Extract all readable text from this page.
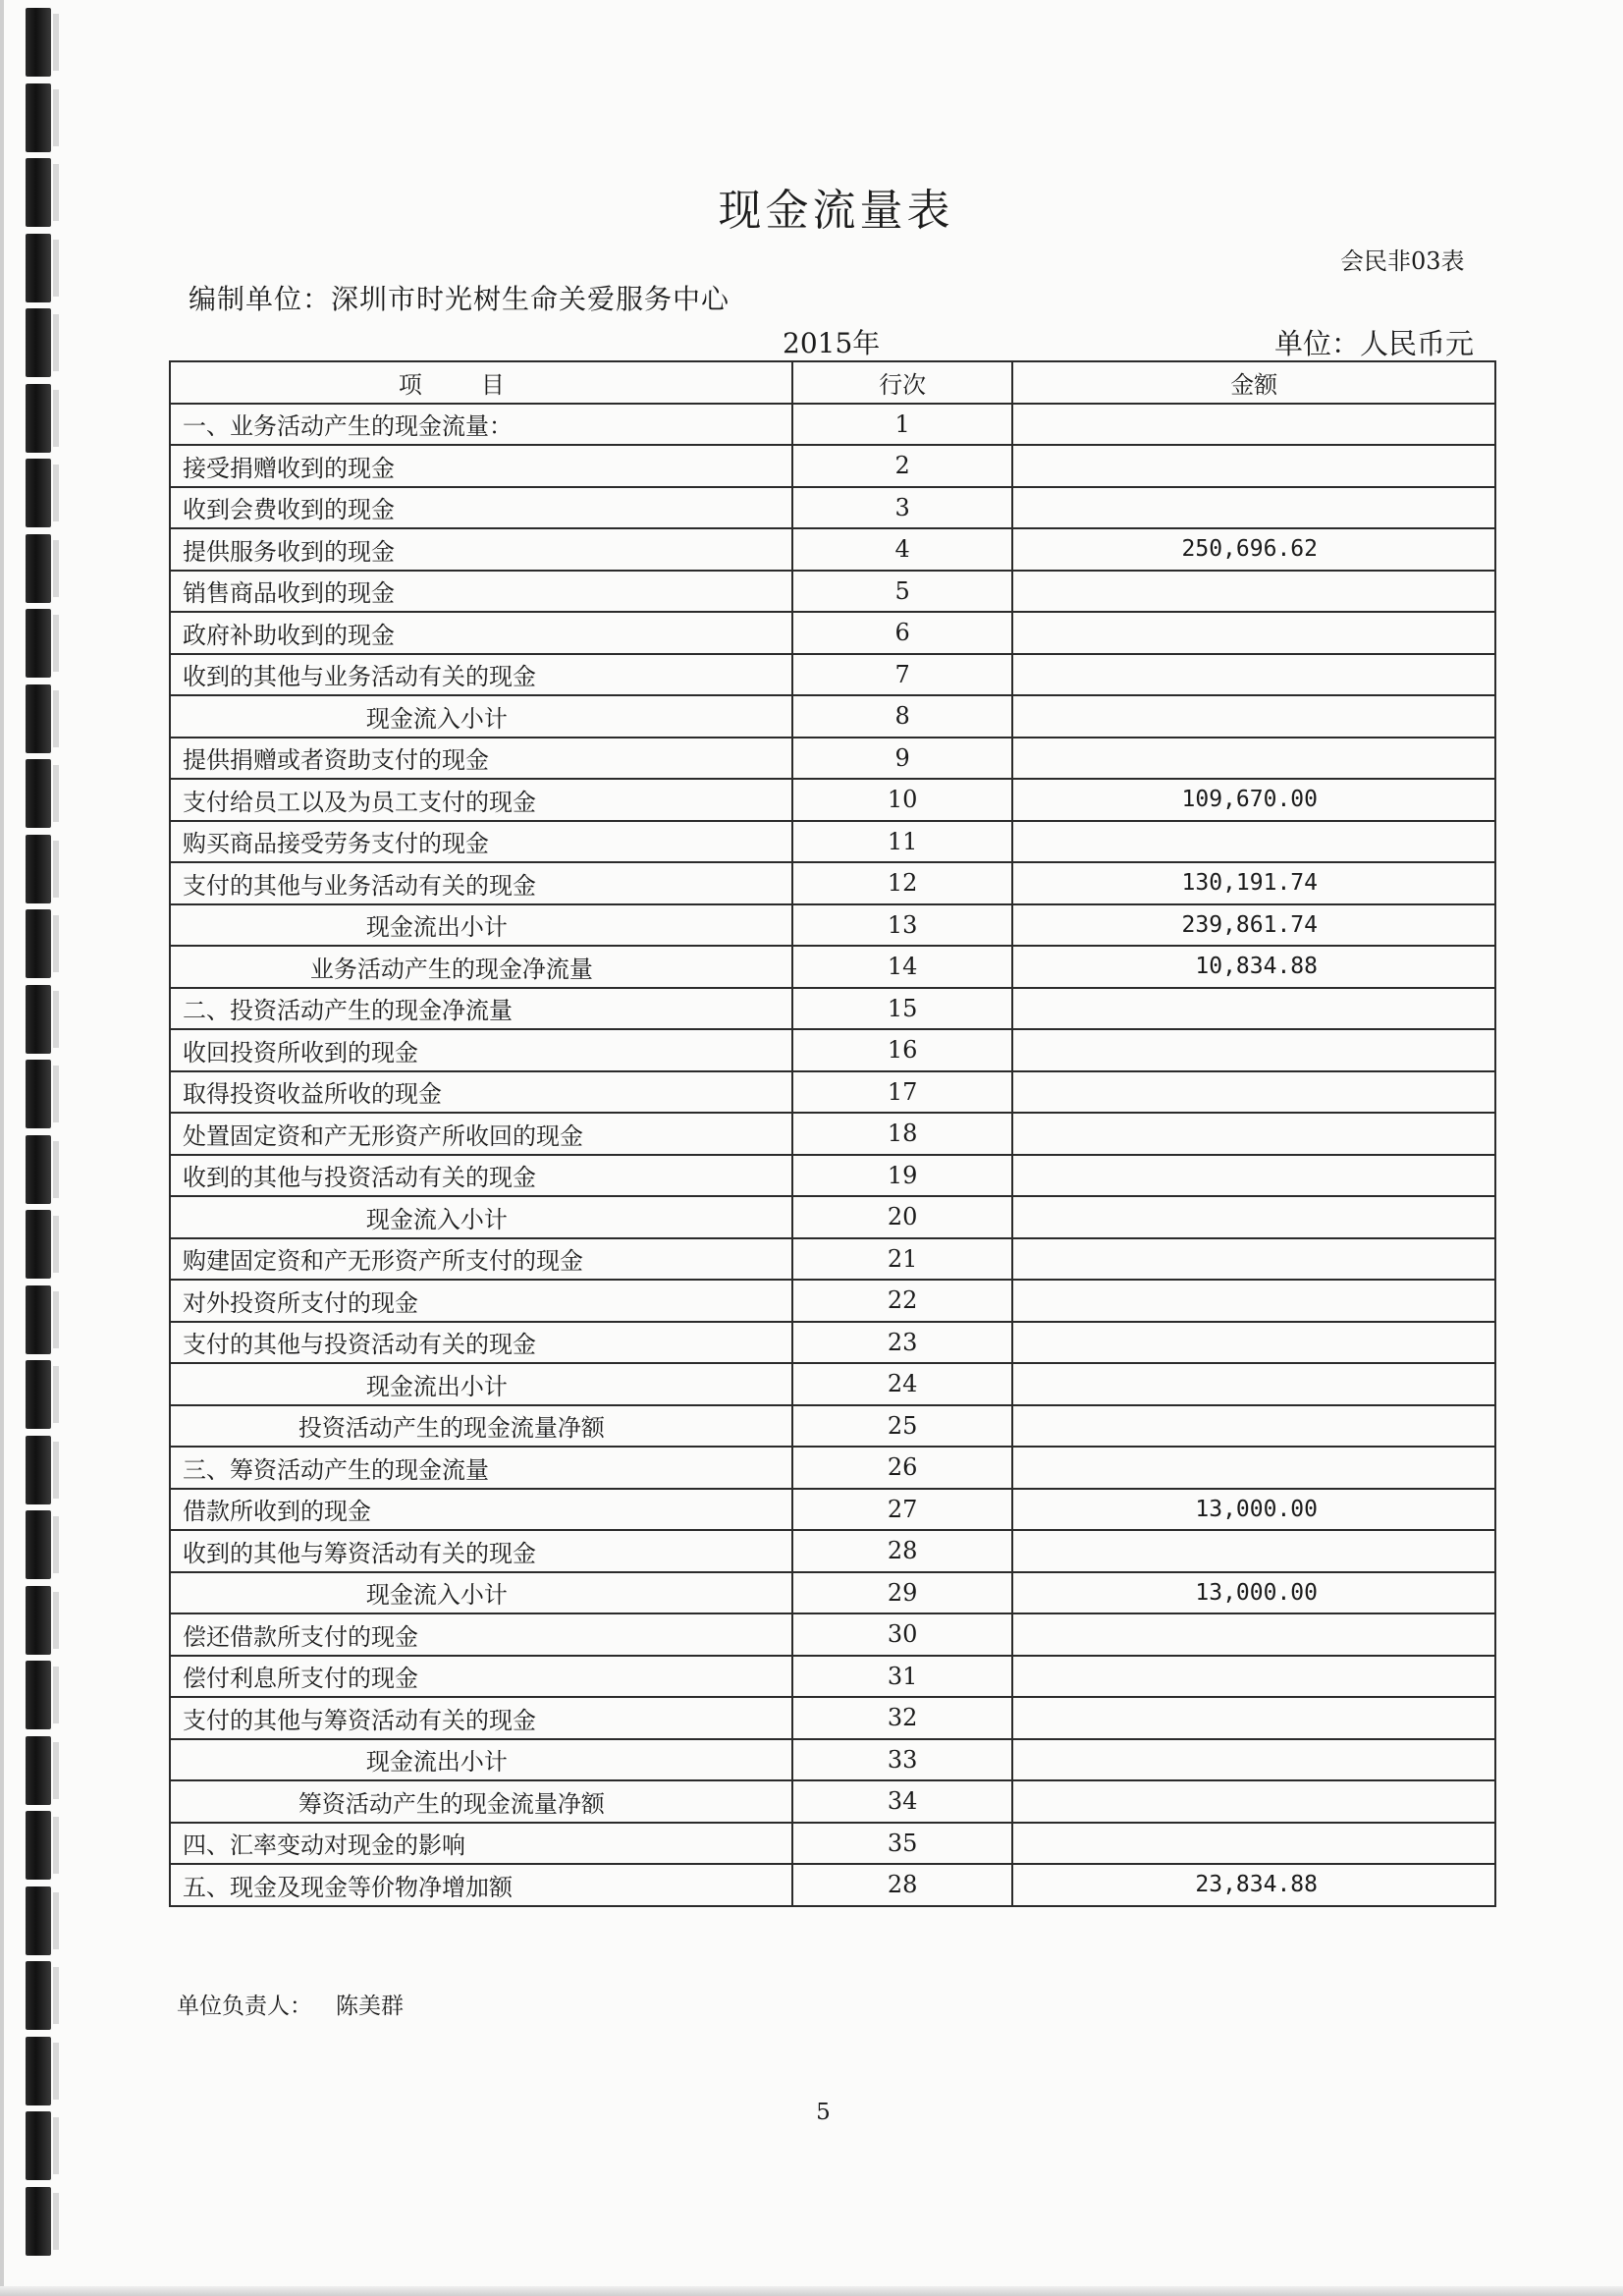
现金流量表
会民非03表
编制单位：深圳市时光树生命关爱服务中心
2015年	单位：人民币元
项目	行次	金额
一、业务活动产生的现金流量：	1	
接受捐赠收到的现金	2	
收到会费收到的现金	3	
提供服务收到的现金	4	250,696.62
销售商品收到的现金	5	
政府补助收到的现金	6	
收到的其他与业务活动有关的现金	7	
现金流入小计	8	
提供捐赠或者资助支付的现金	9	
支付给员工以及为员工支付的现金	10	109,670.00
购买商品接受劳务支付的现金	11	
支付的其他与业务活动有关的现金	12	130,191.74
现金流出小计	13	239,861.74
业务活动产生的现金净流量	14	10,834.88
二、投资活动产生的现金净流量	15	
收回投资所收到的现金	16	
取得投资收益所收的现金	17	
处置固定资和产无形资产所收回的现金	18	
收到的其他与投资活动有关的现金	19	
现金流入小计	20	
购建固定资和产无形资产所支付的现金	21	
对外投资所支付的现金	22	
支付的其他与投资活动有关的现金	23	
现金流出小计	24	
投资活动产生的现金流量净额	25	
三、筹资活动产生的现金流量	26	
借款所收到的现金	27	13,000.00
收到的其他与筹资活动有关的现金	28	
现金流入小计	29	13,000.00
偿还借款所支付的现金	30	
偿付利息所支付的现金	31	
支付的其他与筹资活动有关的现金	32	
现金流出小计	33	
筹资活动产生的现金流量净额	34	
四、汇率变动对现金的影响	35	
五、现金及现金等价物净增加额	28	23,834.88
单位负责人： 陈美群
5
